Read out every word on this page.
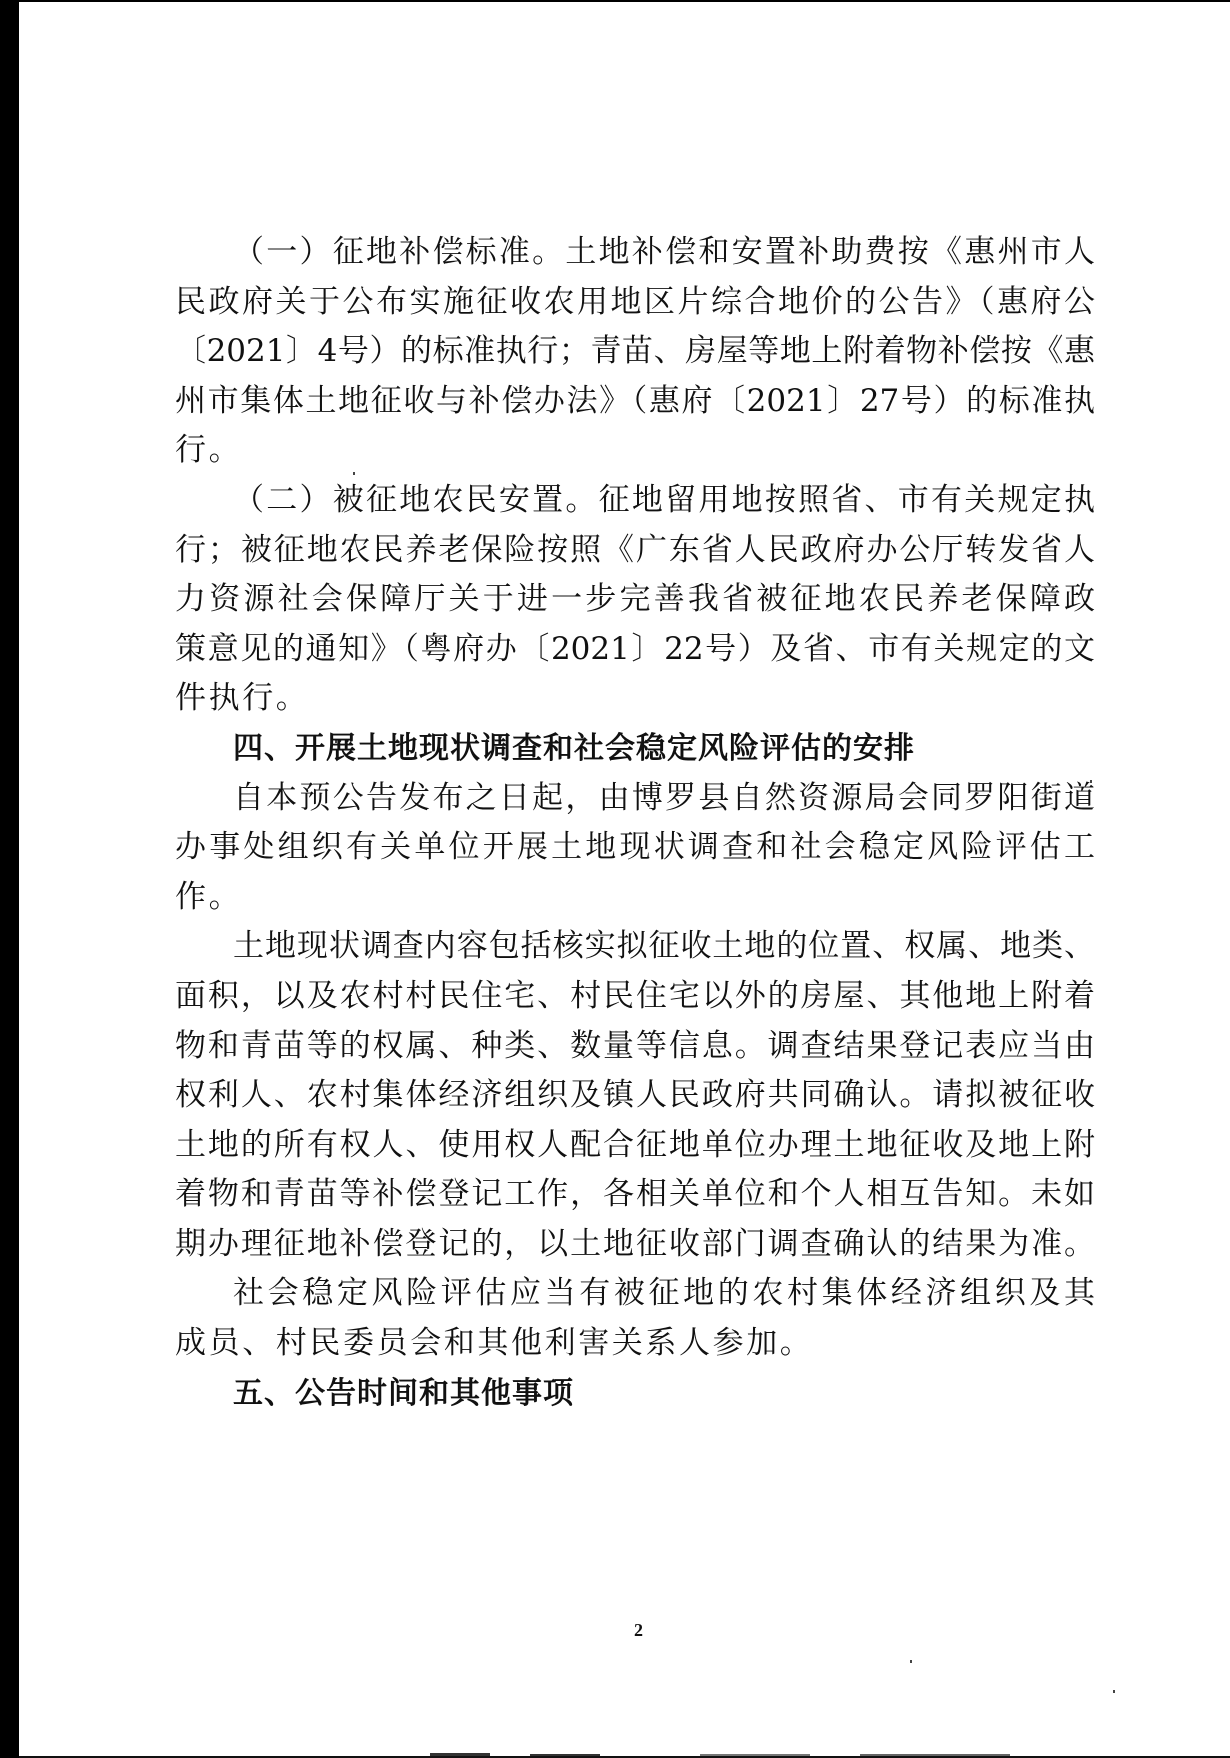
（一）征地补偿标准。土地补偿和安置补助费按《惠州市人
民政府关于公布实施征收农用地区片综合地价的公告》（惠府公
〔2021〕4号）的标准执行；青苗、房屋等地上附着物补偿按《惠
州市集体土地征收与补偿办法》（惠府〔2021〕27号）的标准执
行。
（二）被征地农民安置。征地留用地按照省、市有关规定执
行；被征地农民养老保险按照《广东省人民政府办公厅转发省人
力资源社会保障厅关于进一步完善我省被征地农民养老保障政
策意见的通知》（粤府办〔2021〕22号）及省、市有关规定的文
件执行。
四、开展土地现状调查和社会稳定风险评估的安排
自本预公告发布之日起，由博罗县自然资源局会同罗阳街道
办事处组织有关单位开展土地现状调查和社会稳定风险评估工
作。
土地现状调查内容包括核实拟征收土地的位置、权属、地类、
面积，以及农村村民住宅、村民住宅以外的房屋、其他地上附着
物和青苗等的权属、种类、数量等信息。调查结果登记表应当由
权利人、农村集体经济组织及镇人民政府共同确认。请拟被征收
土地的所有权人、使用权人配合征地单位办理土地征收及地上附
着物和青苗等补偿登记工作，各相关单位和个人相互告知。未如
期办理征地补偿登记的，以土地征收部门调查确认的结果为准。
社会稳定风险评估应当有被征地的农村集体经济组织及其
成员、村民委员会和其他利害关系人参加。
五、公告时间和其他事项
2
